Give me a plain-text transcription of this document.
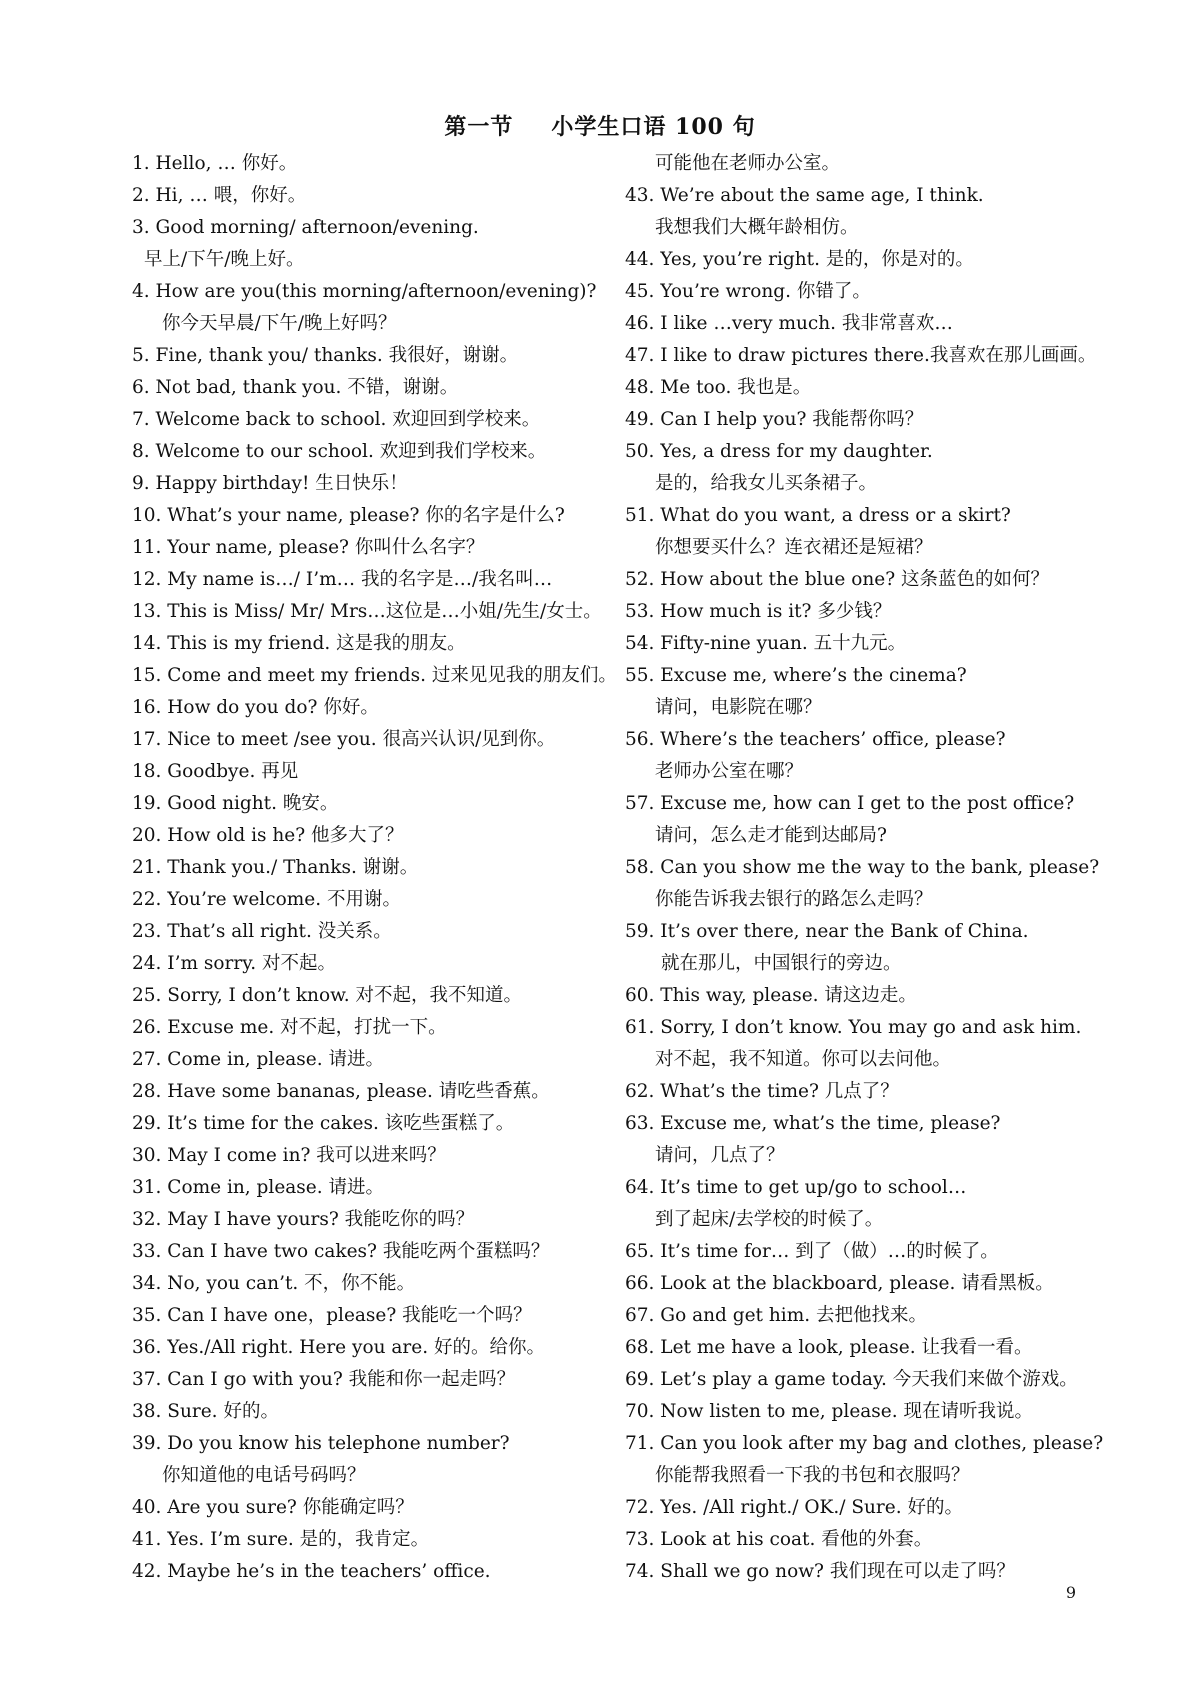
第一节 小学生口语 100 句
1. Hello, … 你好。
2. Hi, … 喂，你好。
3. Good morning/ afternoon/evening.
早上/下午/晚上好。
4. How are you(this morning/afternoon/evening)?
你今天早晨/下午/晚上好吗？
5. Fine, thank you/ thanks. 我很好，谢谢。
6. Not bad, thank you. 不错，谢谢。
7. Welcome back to school. 欢迎回到学校来。
8. Welcome to our school. 欢迎到我们学校来。
9. Happy birthday! 生日快乐！
10. What’s your name, please? 你的名字是什么?
11. Your name, please? 你叫什么名字？
12. My name is…/ I’m… 我的名字是…/我名叫…
13. This is Miss/ Mr/ Mrs…这位是…小姐/先生/女士。
14. This is my friend. 这是我的朋友。
15. Come and meet my friends. 过来见见我的朋友们。
16. How do you do? 你好。
17. Nice to meet /see you. 很高兴认识/见到你。
18. Goodbye. 再见
19. Good night. 晚安。
20. How old is he? 他多大了？
21. Thank you./ Thanks. 谢谢。
22. You’re welcome. 不用谢。
23. That’s all right. 没关系。
24. I’m sorry. 对不起。
25. Sorry, I don’t know. 对不起，我不知道。
26. Excuse me. 对不起，打扰一下。
27. Come in, please. 请进。
28. Have some bananas, please. 请吃些香蕉。
29. It’s time for the cakes. 该吃些蛋糕了。
30. May I come in? 我可以进来吗？
31. Come in, please. 请进。
32. May I have yours? 我能吃你的吗？
33. Can I have two cakes? 我能吃两个蛋糕吗？
34. No, you can’t. 不，你不能。
35. Can I have one，please? 我能吃一个吗？
36. Yes./All right. Here you are. 好的。给你。
37. Can I go with you? 我能和你一起走吗？
38. Sure. 好的。
39. Do you know his telephone number?
你知道他的电话号码吗？
40. Are you sure? 你能确定吗？
41. Yes. I’m sure. 是的，我肯定。
42. Maybe he’s in the teachers’ office.
可能他在老师办公室。
43. We’re about the same age, I think.
我想我们大概年龄相仿。
44. Yes, you’re right. 是的，你是对的。
45. You’re wrong. 你错了。
46. I like …very much. 我非常喜欢…
47. I like to draw pictures there.我喜欢在那儿画画。
48. Me too. 我也是。
49. Can I help you? 我能帮你吗？
50. Yes, a dress for my daughter.
是的，给我女儿买条裙子。
51. What do you want, a dress or a skirt?
你想要买什么？连衣裙还是短裙？
52. How about the blue one? 这条蓝色的如何？
53. How much is it? 多少钱？
54. Fifty-nine yuan. 五十九元。
55. Excuse me, where’s the cinema?
请问，电影院在哪？
56. Where’s the teachers’ office, please?
老师办公室在哪？
57. Excuse me, how can I get to the post office?
请问，怎么走才能到达邮局?
58. Can you show me the way to the bank, please?
你能告诉我去银行的路怎么走吗？
59. It’s over there, near the Bank of China.
就在那儿，中国银行的旁边。
60. This way, please. 请这边走。
61. Sorry, I don’t know. You may go and ask him.
对不起，我不知道。你可以去问他。
62. What’s the time? 几点了？
63. Excuse me, what’s the time, please?
请问，几点了？
64. It’s time to get up/go to school…
到了起床/去学校的时候了。
65. It’s time for… 到了（做）…的时候了。
66. Look at the blackboard, please. 请看黑板。
67. Go and get him. 去把他找来。
68. Let me have a look, please. 让我看一看。
69. Let’s play a game today. 今天我们来做个游戏。
70. Now listen to me, please. 现在请听我说。
71. Can you look after my bag and clothes, please?
你能帮我照看一下我的书包和衣服吗？
72. Yes. /All right./ OK./ Sure. 好的。
73. Look at his coat. 看他的外套。
74. Shall we go now? 我们现在可以走了吗？
9
